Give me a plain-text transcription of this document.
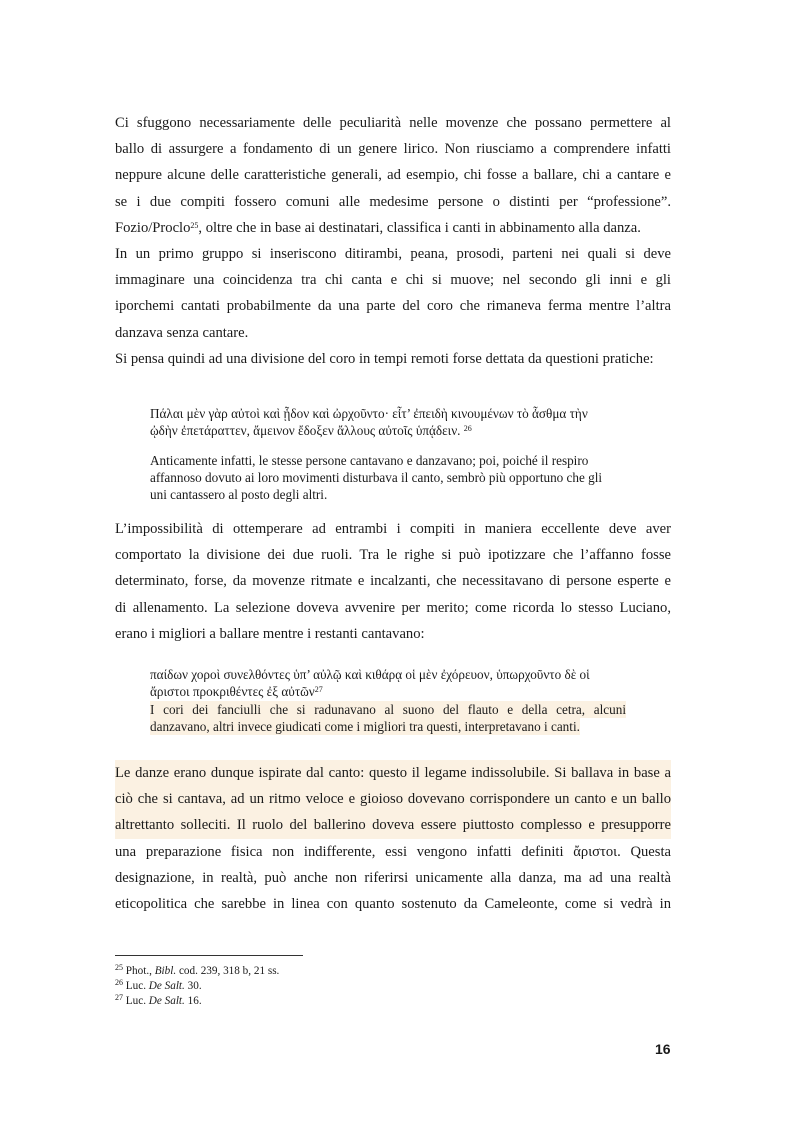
Ci sfuggono necessariamente delle peculiarità nelle movenze che possano permettere al
ballo di assurgere a fondamento di un genere lirico. Non riusciamo a comprendere infatti
neppure alcune delle caratteristiche generali, ad esempio, chi fosse a ballare, chi a cantare e
se i due compiti fossero comuni alle medesime persone o distinti per “professione”.
Fozio/Proclo$^{25}$, oltre che in base ai destinatari, classifica i canti in abbinamento alla danza.
In un primo gruppo si inseriscono ditirambi, peana, prosodi, parteni nei quali si deve
immaginare una coincidenza tra chi canta e chi si muove; nel secondo gli inni e gli
iporchemi cantati probabilmente da una parte del coro che rimaneva ferma mentre l’altra
danzava senza cantare.
Si pensa quindi ad una divisione del coro in tempi remoti forse dettata da questioni pratiche:
Πάλαι μὲν γὰρ αὐτοὶ καὶ ᾖδον καὶ ὠρχοῦντο· εἶτ’ ἐπειδὴ κινουμένων τὸ ἆσθμα τὴν
ᾠδὴν ἐπετάραττεν, ἄμεινον ἔδοξεν ἄλλους αὐτοῖς ὑπᾴδειν. $^{26}$
Anticamente infatti, le stesse persone cantavano e danzavano; poi, poiché il respiro
affannoso dovuto ai loro movimenti disturbava il canto, sembrò più opportuno che gli
uni cantassero al posto degli altri.
L’impossibilità di ottemperare ad entrambi i compiti in maniera eccellente deve aver
comportato la divisione dei due ruoli. Tra le righe si può ipotizzare che l’affanno fosse
determinato, forse, da movenze ritmate e incalzanti, che necessitavano di persone esperte e
di allenamento. La selezione doveva avvenire per merito; come ricorda lo stesso Luciano,
erano i migliori a ballare mentre i restanti cantavano:
παίδων χοροὶ συνελθόντες ὑπ’ αὐλῷ καὶ κιθάρᾳ οἱ μὲν ἐχόρευον, ὑπωρχοῦντο δὲ οἱ
ἄριστοι προκριθέντες ἐξ αὐτῶν$^{27}$
I cori dei fanciulli che si radunavano al suono del flauto e della cetra, alcuni
danzavano, altri invece giudicati come i migliori tra questi, interpretavano i canti.
Le danze erano dunque ispirate dal canto: questo il legame indissolubile. Si ballava in base a
ciò che si cantava, ad un ritmo veloce e gioioso dovevano corrispondere un canto e un ballo
altrettanto solleciti. Il ruolo del ballerino doveva essere piuttosto complesso e presupporre
una preparazione fisica non indifferente, essi vengono infatti definiti ἄριστοι. Questa
designazione, in realtà, può anche non riferirsi unicamente alla danza, ma ad una realtà
eticopolitica che sarebbe in linea con quanto sostenuto da Cameleonte, come si vedrà in
$^{25}$ Phot., Bibl. cod. 239, 318 b, 21 ss.
$^{26}$ Luc. De Salt. 30.
$^{27}$ Luc. De Salt. 16.
16
